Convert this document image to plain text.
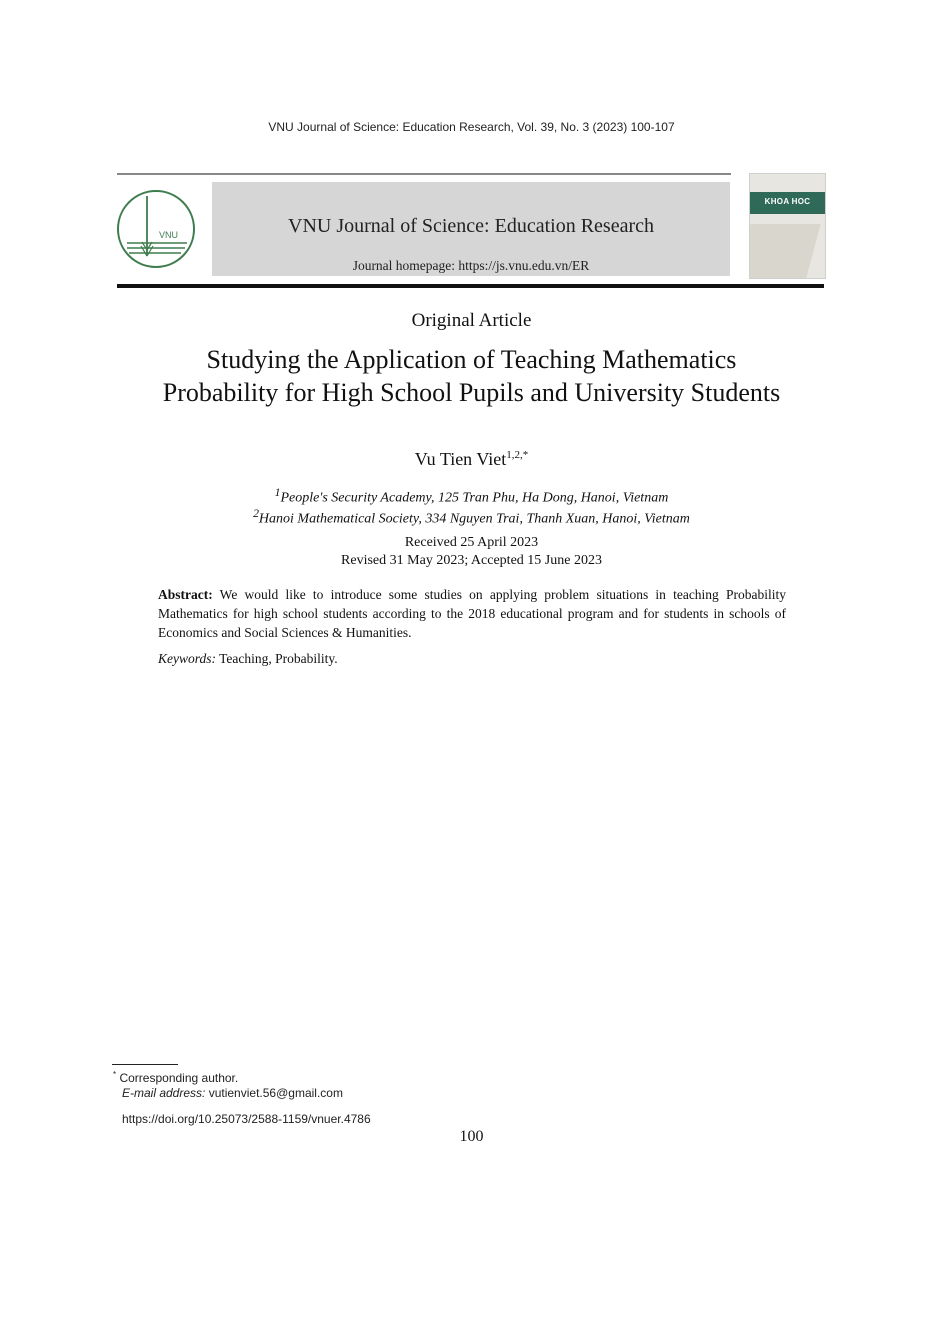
VNU Journal of Science: Education Research, Vol. 39, No. 3 (2023) 100-107
VNU	VNU Journal of Science: Education Research
Journal homepage: https://js.vnu.edu.vn/ER
KHOA HOC
Original Article
Studying the Application of Teaching Mathematics
Probability for High School Pupils and University Students
Vu Tien Viet$^{1,2,*}$
$^1$People's Security Academy, 125 Tran Phu, Ha Dong, Hanoi, Vietnam
$^2$Hanoi Mathematical Society, 334 Nguyen Trai, Thanh Xuan, Hanoi, Vietnam
Received 25 April 2023
Revised 31 May 2023; Accepted 15 June 2023
Abstract: We would like to introduce some studies on applying problem situations in teaching Probability Mathematics for high school students according to the 2018 educational program and for students in schools of Economics and Social Sciences & Humanities.
Keywords: Teaching, Probability.
* Corresponding author.
E-mail address: vutienviet.56@gmail.com
https://doi.org/10.25073/2588-1159/vnuer.4786
100
